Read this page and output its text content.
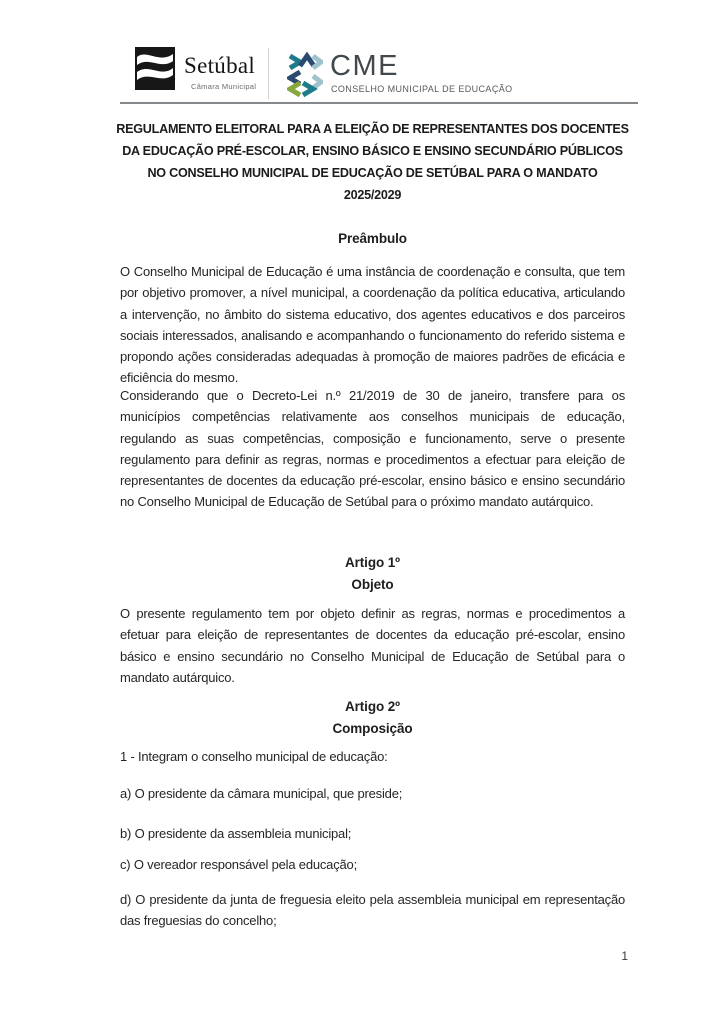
Setúbal
Câmara Municipal
CME
CONSELHO MUNICIPAL DE EDUCAÇÃO
REGULAMENTO ELEITORAL PARA A ELEIÇÃO DE REPRESENTANTES DOS DOCENTES
DA EDUCAÇÃO PRÉ-ESCOLAR, ENSINO BÁSICO E ENSINO SECUNDÁRIO PÚBLICOS
NO CONSELHO MUNICIPAL DE EDUCAÇÃO DE SETÚBAL PARA O MANDATO
2025/2029
Preâmbulo
O Conselho Municipal de Educação é uma instância de coordenação e consulta, que tem por objetivo promover, a nível municipal, a coordenação da política educativa, articulando a intervenção, no âmbito do sistema educativo, dos agentes educativos e dos parceiros sociais interessados, analisando e acompanhando o funcionamento do referido sistema e propondo ações consideradas adequadas à promoção de maiores padrões de eficácia e eficiência do mesmo.
Considerando que o Decreto-Lei n.º 21/2019 de 30 de janeiro, transfere para os municípios competências relativamente aos conselhos municipais de educação, regulando as suas competências, composição e funcionamento, serve o presente regulamento para definir as regras, normas e procedimentos a efectuar para eleição de representantes de docentes da educação pré-escolar, ensino básico e ensino secundário no Conselho Municipal de Educação de Setúbal para o próximo mandato autárquico.
Artigo 1º
Objeto
O presente regulamento tem por objeto definir as regras, normas e procedimentos a efetuar para eleição de representantes de docentes da educação pré-escolar, ensino básico e ensino secundário no Conselho Municipal de Educação de Setúbal para o mandato autárquico.
Artigo 2º
Composição
1 - Integram o conselho municipal de educação:
a) O presidente da câmara municipal, que preside;
b) O presidente da assembleia municipal;
c) O vereador responsável pela educação;
d) O presidente da junta de freguesia eleito pela assembleia municipal em representação das freguesias do concelho;
1
